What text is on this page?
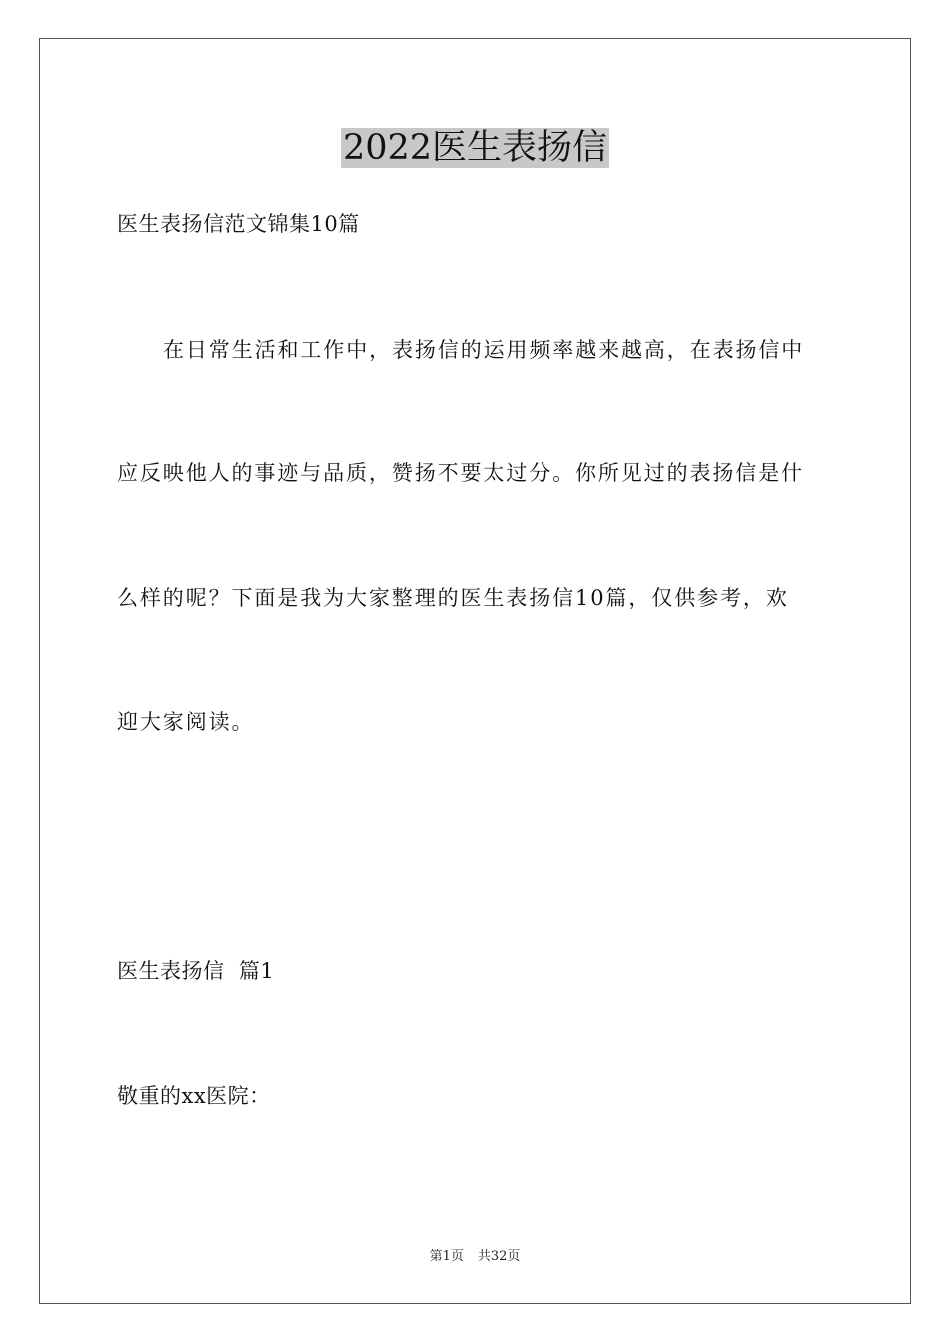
2022医生表扬信
医生表扬信范文锦集10篇
在日常生活和工作中，表扬信的运用频率越来越高，在表扬信中
应反映他人的事迹与品质，赞扬不要太过分。你所见过的表扬信是什
么样的呢？下面是我为大家整理的医生表扬信10篇，仅供参考，欢
迎大家阅读。
医生表扬信  篇1
敬重的xx医院：
第1页 共32页
